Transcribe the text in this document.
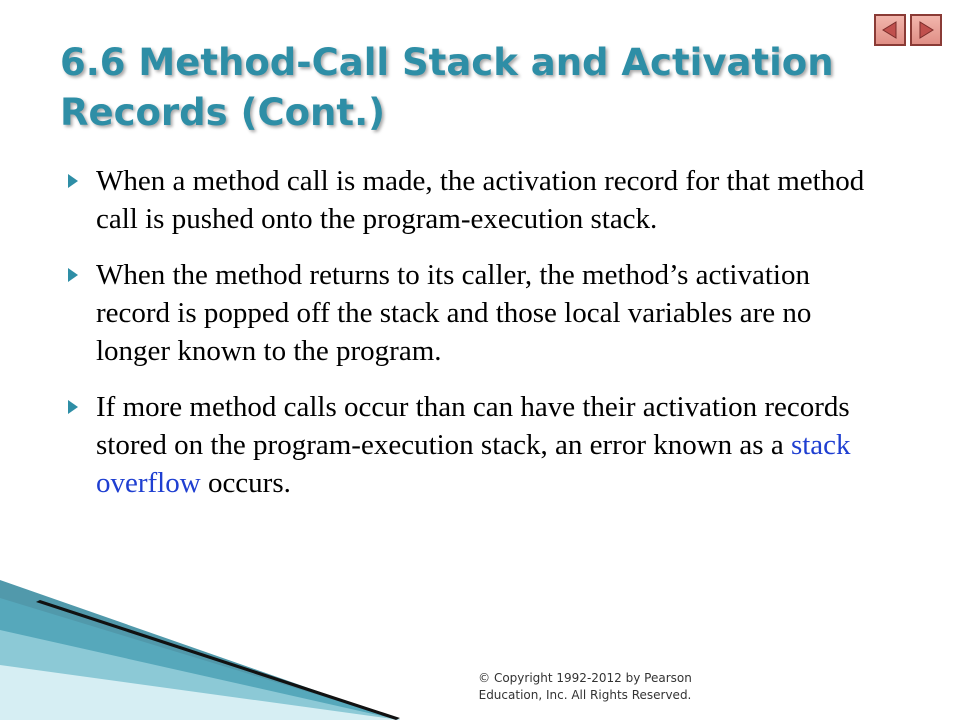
6.6 Method-Call Stack and Activation Records (Cont.)
When a method call is made, the activation record for that method call is pushed onto the program-execution stack.
When the method returns to its caller, the method’s activation record is popped off the stack and those local variables are no longer known to the program.
If more method calls occur than can have their activation records stored on the program-execution stack, an error known as a stack overflow occurs.
© Copyright 1992-2012 by Pearson Education, Inc. All Rights Reserved.
